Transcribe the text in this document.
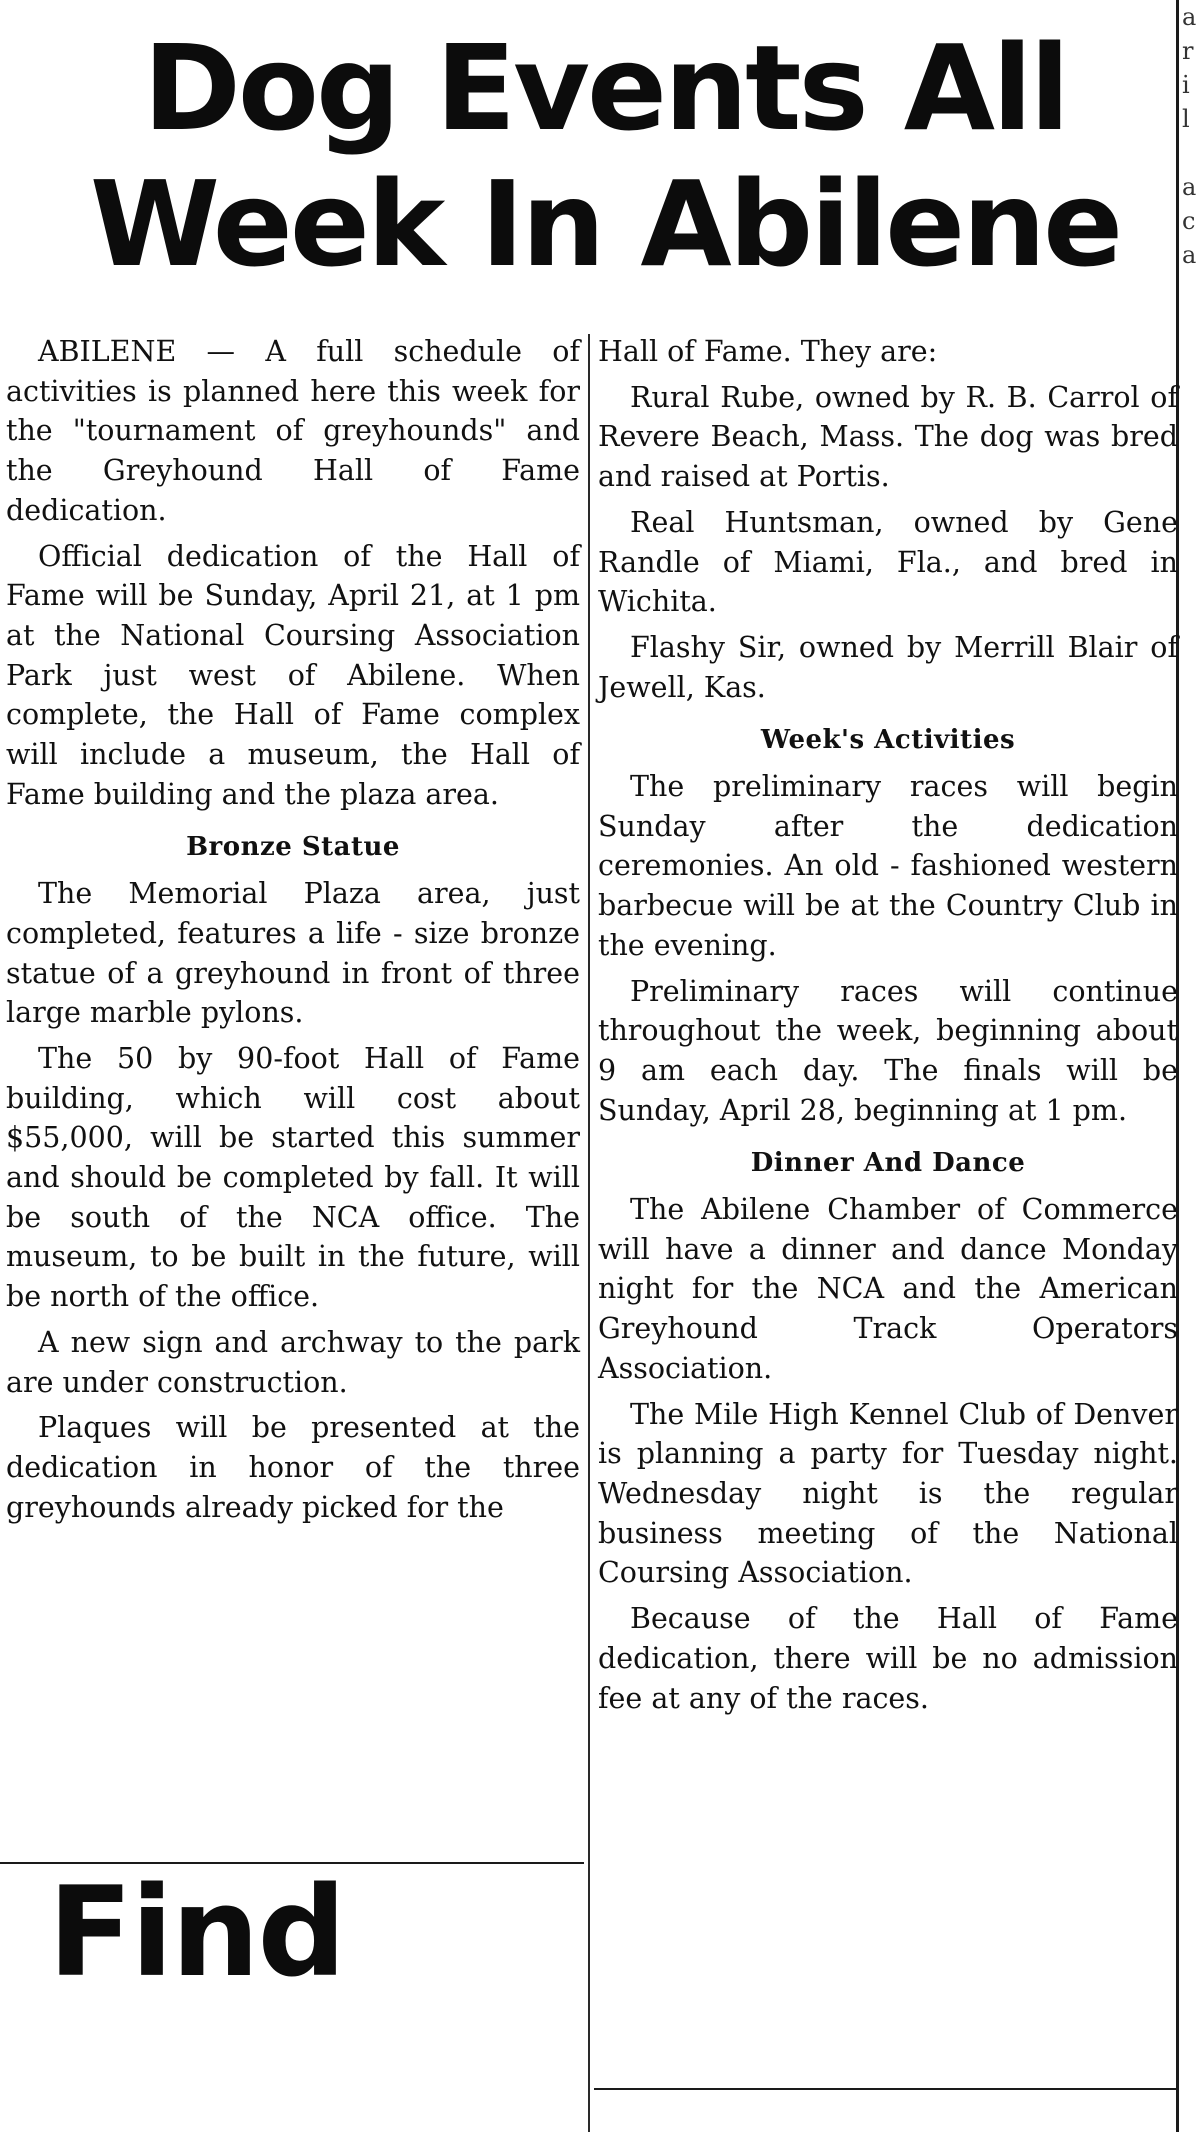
Dog Events All
Week In Abilene
a
r
i
l

a
c
a

ABILENE — A full schedule of activities is planned here this week for the "tournament of greyhounds" and the Greyhound Hall of Fame dedication.

Official dedication of the Hall of Fame will be Sunday, April 21, at 1 pm at the National Coursing Association Park just west of Abilene. When complete, the Hall of Fame complex will include a museum, the Hall of Fame building and the plaza area.

Bronze Statue

The Memorial Plaza area, just completed, features a life - size bronze statue of a greyhound in front of three large marble pylons.

The 50 by 90-foot Hall of Fame building, which will cost about $55,000, will be started this summer and should be completed by fall. It will be south of the NCA office. The museum, to be built in the future, will be north of the office.

A new sign and archway to the park are under construction.

Plaques will be presented at the dedication in honor of the three greyhounds already picked for the

Hall of Fame. They are:

Rural Rube, owned by R. B. Carrol of Revere Beach, Mass. The dog was bred and raised at Portis.

Real Huntsman, owned by Gene Randle of Miami, Fla., and bred in Wichita.

Flashy Sir, owned by Merrill Blair of Jewell, Kas.

Week's Activities

The preliminary races will begin Sunday after the dedication ceremonies. An old - fashioned western barbecue will be at the Country Club in the evening.

Preliminary races will continue throughout the week, beginning about 9 am each day. The finals will be Sunday, April 28, beginning at 1 pm.

Dinner And Dance

The Abilene Chamber of Commerce will have a dinner and dance Monday night for the NCA and the American Greyhound Track Operators Association.

The Mile High Kennel Club of Denver is planning a party for Tuesday night. Wednesday night is the regular business meeting of the National Coursing Association.

Because of the Hall of Fame dedication, there will be no admission fee at any of the races.

Find
